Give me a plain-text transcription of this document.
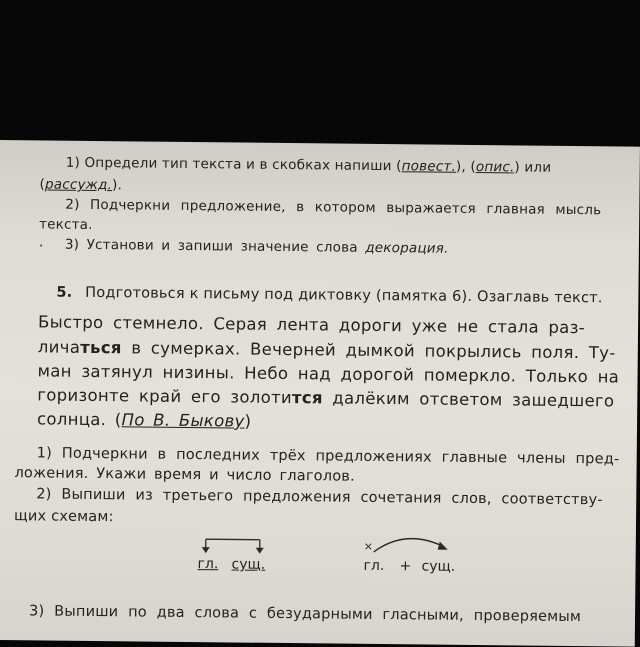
1) Определи тип текста и в скобках напиши (повест.), (опис.) или
(рассужд.).
2) Подчеркни предложение, в котором выражается главная мысль
текста.
. 3) Установи и запиши значение слова декорация.
5. Подготовься к письму под диктовку (памятка 6). Озаглавь текст.
Быстро стемнело. Серая лента дороги уже не стала раз-
личаться в сумерках. Вечерней дымкой покрылись поля. Ту-
ман затянул низины. Небо над дорогой померкло. Только на
горизонте край его золотится далёким отсветом зашедшего
солнца. (По В. Быкову)
1) Подчеркни в последних трёх предложениях главные члены пред-
ложения. Укажи время и число глаголов.
2) Выпиши из третьего предложения сочетания слов, соответству-
щих схемам:
гл. сущ.
×
гл. + сущ.
3) Выпиши по два слова с безударными гласными, проверяемым
